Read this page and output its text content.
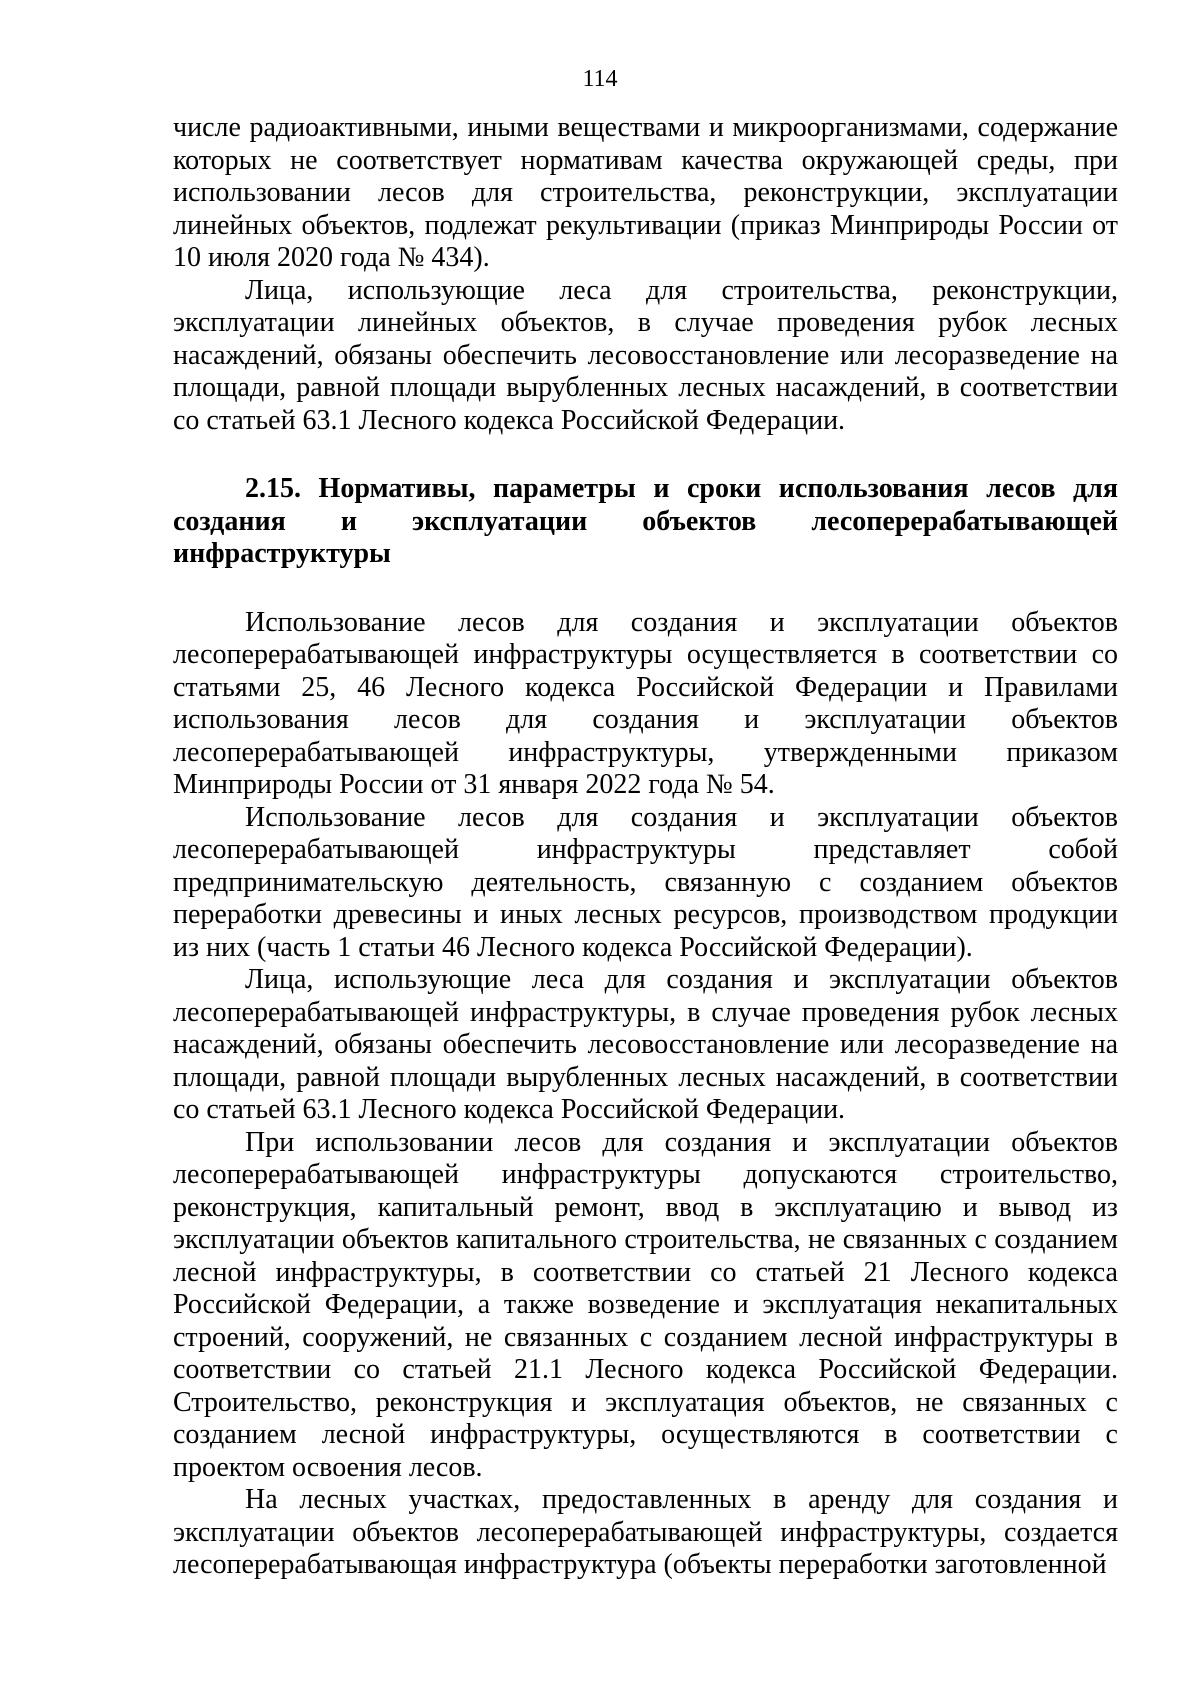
114

числе радиоактивными, иными веществами и микроорганизмами, содержание которых не соответствует нормативам качества окружающей среды, при использовании лесов для строительства, реконструкции, эксплуатации линейных объектов, подлежат рекультивации (приказ Минприроды России от 10 июля 2020 года № 434).

Лица, использующие леса для строительства, реконструкции, эксплуатации линейных объектов, в случае проведения рубок лесных насаждений, обязаны обеспечить лесовосстановление или лесоразведение на площади, равной площади вырубленных лесных насаждений, в соответствии со статьей 63.1 Лесного кодекса Российской Федерации.

2.15. Нормативы, параметры и сроки использования лесов для создания и эксплуатации объектов лесоперерабатывающей инфраструктуры

Использование лесов для создания и эксплуатации объектов лесоперерабатывающей инфраструктуры осуществляется в соответствии со статьями 25, 46 Лесного кодекса Российской Федерации и Правилами использования лесов для создания и эксплуатации объектов лесоперерабатывающей инфраструктуры, утвержденными приказом Минприроды России от 31 января 2022 года № 54.

Использование лесов для создания и эксплуатации объектов лесоперерабатывающей инфраструктуры представляет собой предпринимательскую деятельность, связанную с созданием объектов переработки древесины и иных лесных ресурсов, производством продукции из них (часть 1 статьи 46 Лесного кодекса Российской Федерации).

Лица, использующие леса для создания и эксплуатации объектов лесоперерабатывающей инфраструктуры, в случае проведения рубок лесных насаждений, обязаны обеспечить лесовосстановление или лесоразведение на площади, равной площади вырубленных лесных насаждений, в соответствии со статьей 63.1 Лесного кодекса Российской Федерации.

При использовании лесов для создания и эксплуатации объектов лесоперерабатывающей инфраструктуры допускаются строительство, реконструкция, капитальный ремонт, ввод в эксплуатацию и вывод из эксплуатации объектов капитального строительства, не связанных с созданием лесной инфраструктуры, в соответствии со статьей 21 Лесного кодекса Российской Федерации, а также возведение и эксплуатация некапитальных строений, сооружений, не связанных с созданием лесной инфраструктуры в соответствии со статьей 21.1 Лесного кодекса Российской Федерации. Строительство, реконструкция и эксплуатация объектов, не связанных с созданием лесной инфраструктуры, осуществляются в соответствии с проектом освоения лесов.

На лесных участках, предоставленных в аренду для создания и эксплуатации объектов лесоперерабатывающей инфраструктуры, создается лесоперерабатывающая инфраструктура (объекты переработки заготовленной
